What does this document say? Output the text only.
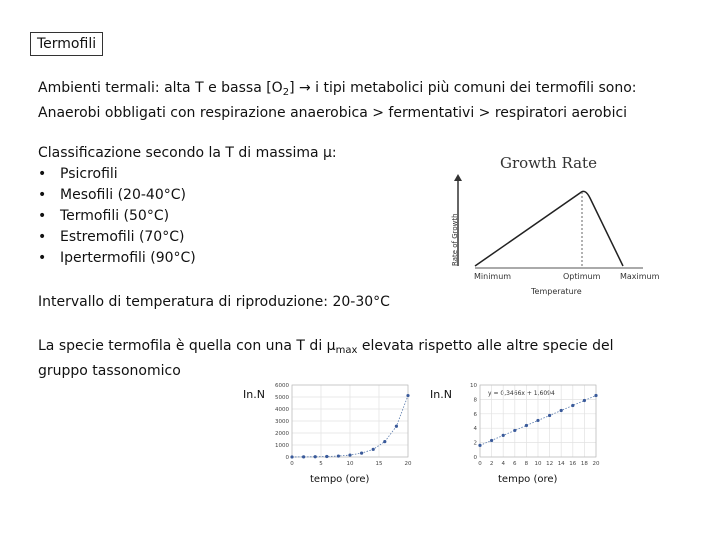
Termofili
Ambienti termali: alta T e bassa $[O_2] \to i$ tipi metabolici più comuni dei termofili sono:
Anaerobi obbligati con respirazione anaerobica > fermentativi > respiratori aerobici
Classificazione secondo la T di massima μ:
• Psicrofili
• Mesofili (20-40°C)
• Termofili (50°C)
• Estremofili (70°C)
• Ipertermofili (90°C)
Intervallo di temperatura di riproduzione: 20-30°C
La specie termofila è quella con una T di $\mu_{max}$ elevata rispetto alle altre specie del
gruppo tassonomico
Growth Rate
Rate of Growth
Minimum	Optimum Maximum
Temperature
In.N
tempo (ore)
0
1000
2000
3000
4000
5000
6000
0	5	10	15	20
In.N
tempo (ore)
y = 0,3466x + 1,6094
0
2
4
6
8
10
0 2 4 6 8 10 12 14 16 18 20
